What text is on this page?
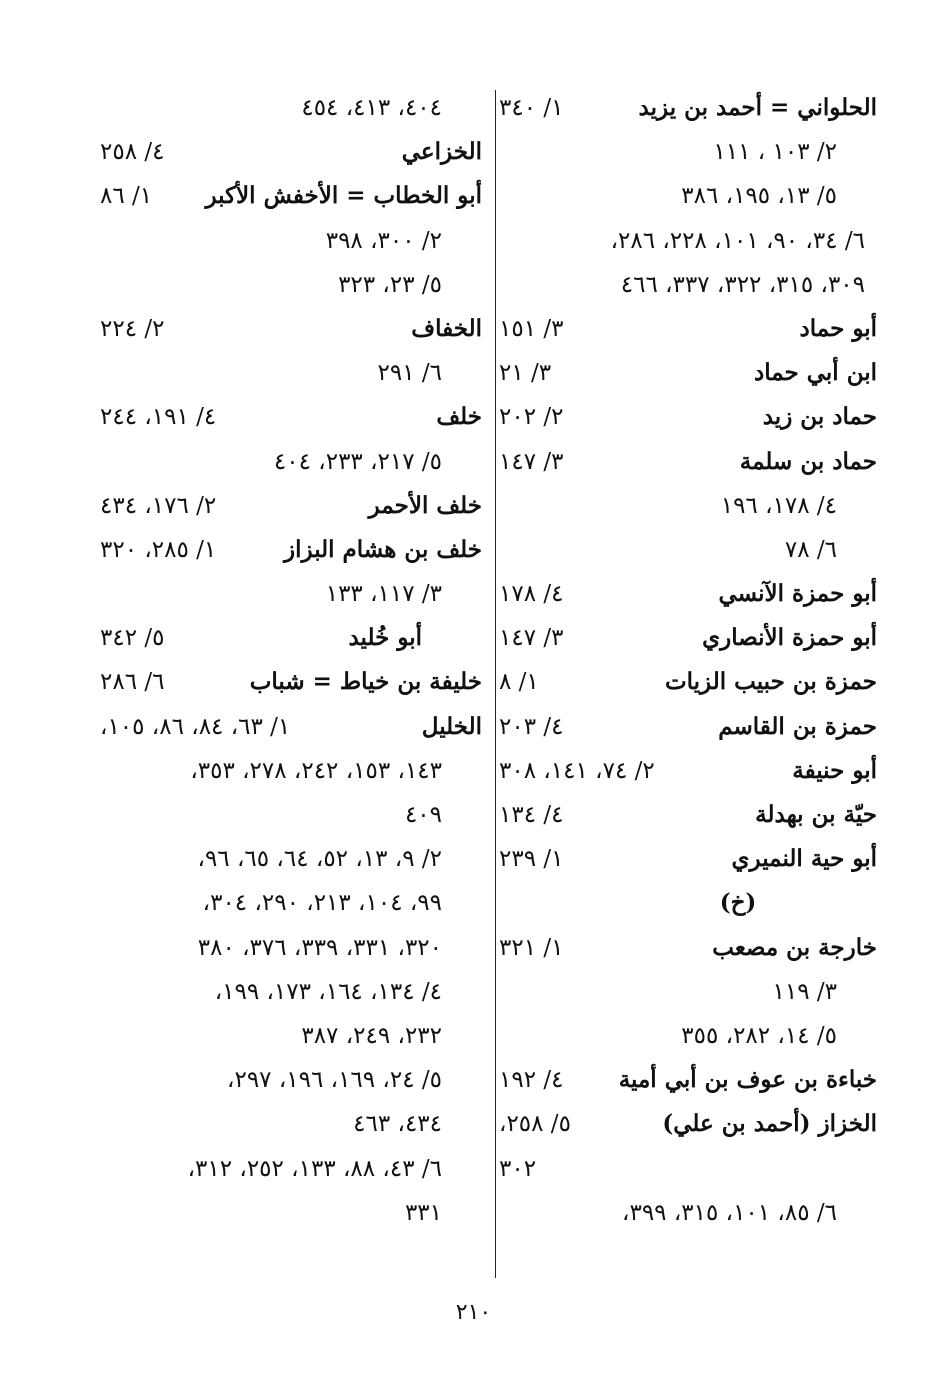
الحلواني = أحمد بن يزيد
١/ ٣٤٠
٢/ ١٠٣ ، ١١١
٥/ ١٣، ١٩٥، ٣٨٦
٦/ ٣٤، ٩٠، ١٠١، ٢٢٨، ٢٨٦،
٣٠٩، ٣١٥، ٣٢٢، ٣٣٧، ٤٦٦
أبو حماد
٣/ ١٥١
ابن أبي حماد
٣/ ٢١
حماد بن زيد
٢/ ٢٠٢
حماد بن سلمة
٣/ ١٤٧
٤/ ١٧٨، ١٩٦
٦/ ٧٨
أبو حمزة الآنسي
٤/ ١٧٨
أبو حمزة الأنصاري
٣/ ١٤٧
حمزة بن حبيب الزيات
١/ ٨
حمزة بن القاسم
٤/ ٢٠٣
أبو حنيفة
٢/ ٧٤، ١٤١، ٣٠٨
حيّة بن بهدلة
٤/ ١٣٤
أبو حية النميري
١/ ٢٣٩
(خ)
خارجة بن مصعب
١/ ٣٢١
٣/ ١١٩
٥/ ١٤، ٢٨٢، ٣٥٥
خباءة بن عوف بن أبي أمية
٤/ ١٩٢
الخزاز (أحمد بن علي)
٥/ ٢٥٨،
٣٠٢
٦/ ٨٥، ١٠١، ٣١٥، ٣٩٩،
٤٠٤، ٤١٣، ٤٥٤
الخزاعي
٤/ ٢٥٨
أبو الخطاب = الأخفش الأكبر
١/ ٨٦
٢/ ٣٠٠، ٣٩٨
٥/ ٢٣، ٣٢٣
الخفاف
٢/ ٢٢٤
٦/ ٢٩١
خلف
٤/ ١٩١، ٢٤٤
٥/ ٢١٧، ٢٣٣، ٤٠٤
خلف الأحمر
٢/ ١٧٦، ٤٣٤
خلف بن هشام البزاز
١/ ٢٨٥، ٣٢٠
٣/ ١١٧، ١٣٣
أبو خُليد
٥/ ٣٤٢
خليفة بن خياط = شباب
٦/ ٢٨٦
الخليل
١/ ٦٣، ٨٤، ٨٦، ١٠٥،
١٤٣، ١٥٣، ٢٤٢، ٢٧٨، ٣٥٣،
٤٠٩
٢/ ٩، ١٣، ٥٢، ٦٤، ٦٥، ٩٦،
٩٩، ١٠٤، ٢١٣، ٢٩٠، ٣٠٤،
٣٢٠، ٣٣١، ٣٣٩، ٣٧٦، ٣٨٠
٤/ ١٣٤، ١٦٤، ١٧٣، ١٩٩،
٢٣٢، ٢٤٩، ٣٨٧
٥/ ٢٤، ١٦٩، ١٩٦، ٢٩٧،
٤٣٤، ٤٦٣
٦/ ٤٣، ٨٨، ١٣٣، ٢٥٢، ٣١٢،
٣٣١
٢١٠
